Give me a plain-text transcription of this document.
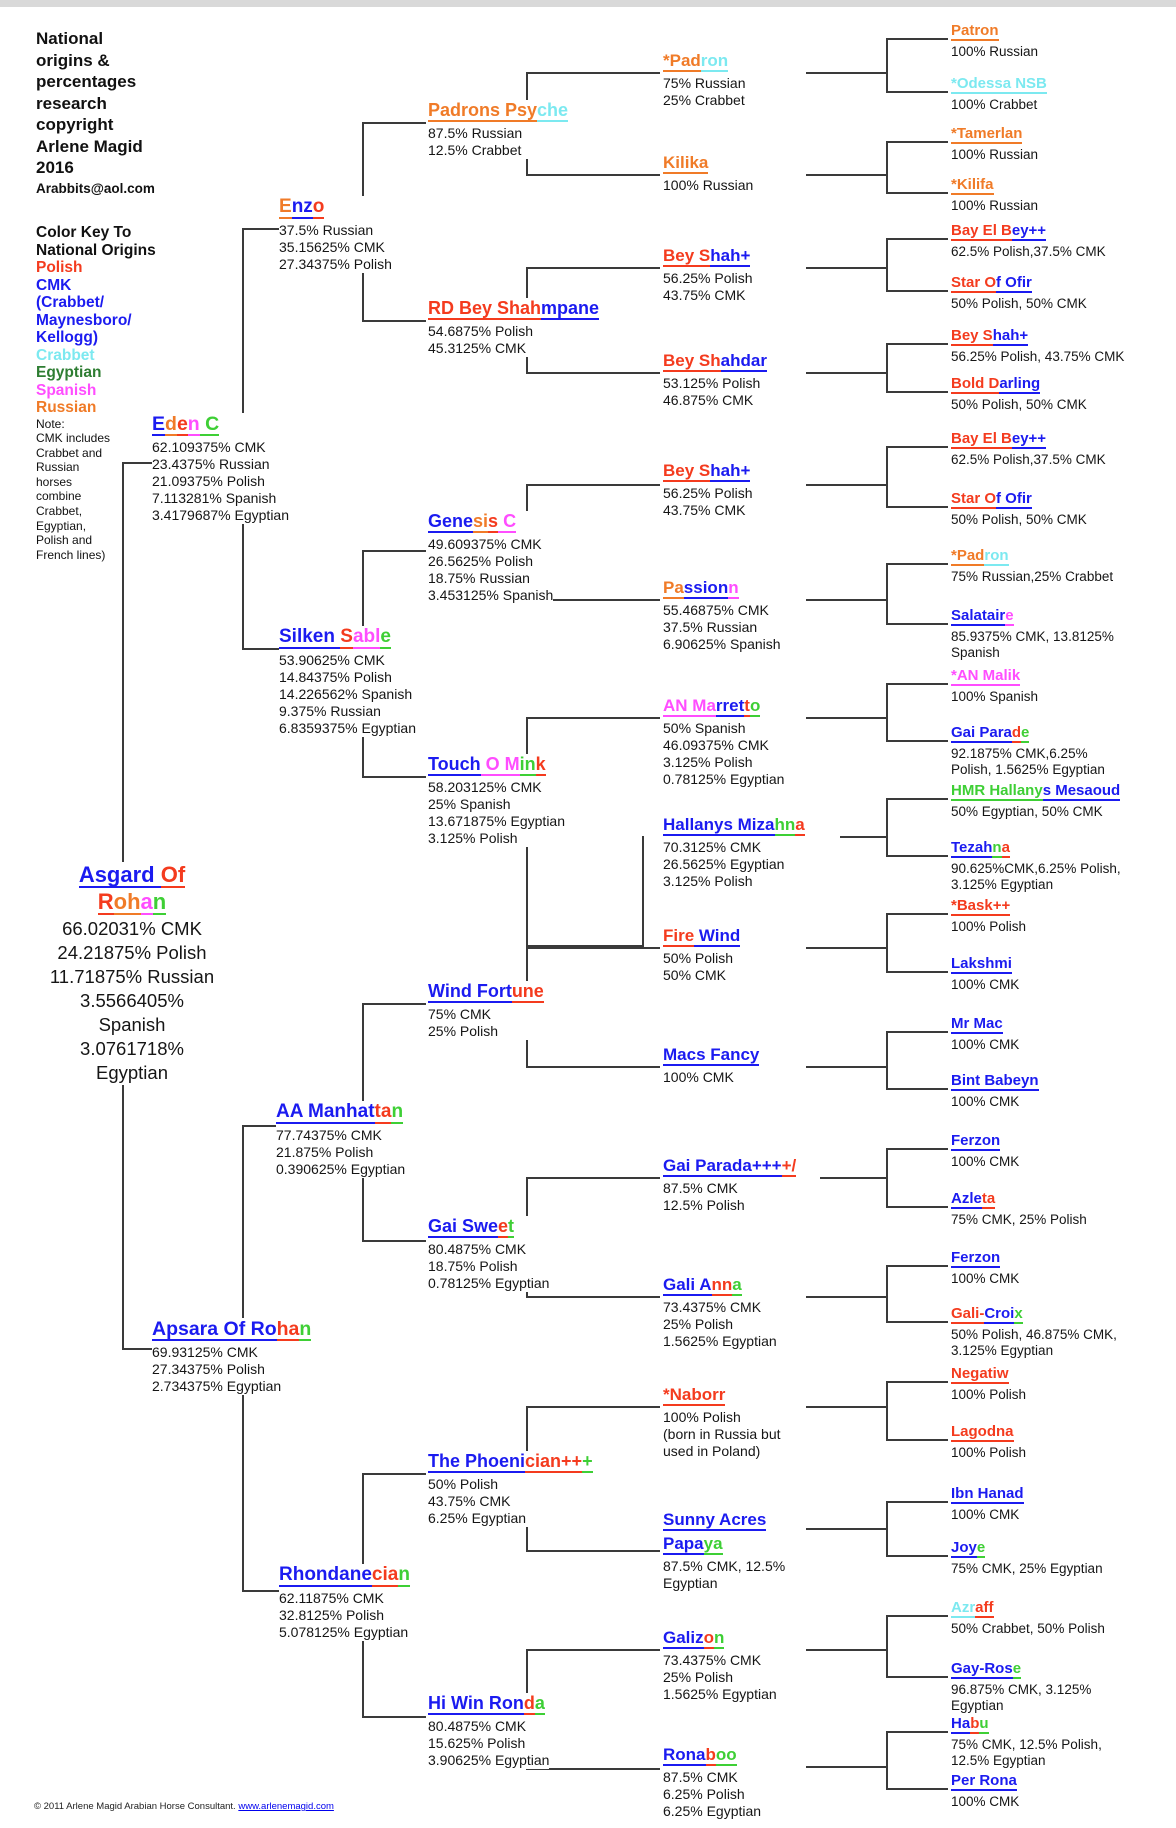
National
origins &
percentages
research
copyright
Arlene Magid
2016
Arabbits@aol.com
Color Key To
National Origins
Polish
CMK
(Crabbet/
Maynesboro/
Kellogg)
Crabbet
Egyptian
Spanish
Russian
Note:
CMK includes
Crabbet and
Russian
horses
combine
Crabbet,
Egyptian,
Polish and
French lines)
Asgard Of
Rohan
66.02031% CMK
24.21875% Polish
11.71875% Russian
3.5566405%
Spanish
3.0761718%
Egyptian
Eden C
62.109375% CMK
23.4375% Russian
21.09375% Polish
7.113281% Spanish
3.4179687% Egyptian
Apsara Of Rohan
69.93125% CMK
27.34375% Polish
2.734375% Egyptian
Enzo
37.5% Russian
35.15625% CMK
27.34375% Polish
Silken Sable
53.90625% CMK
14.84375% Polish
14.226562% Spanish
9.375% Russian
6.8359375% Egyptian
AA Manhattan
77.74375% CMK
21.875% Polish
0.390625% Egyptian
Rhondanecian
62.11875% CMK
32.8125% Polish
5.078125% Egyptian
Padrons Psyche
87.5% Russian
12.5% Crabbet
RD Bey Shahmpane
54.6875% Polish
45.3125% CMK
Genesis C
49.609375% CMK
26.5625% Polish
18.75% Russian
3.453125% Spanish
Touch O Mink
58.203125% CMK
25% Spanish
13.671875% Egyptian
3.125% Polish
Wind Fortune
75% CMK
25% Polish
Gai Sweet
80.4875% CMK
18.75% Polish
0.78125% Egyptian
The Phoenician+++
50% Polish
43.75% CMK
6.25% Egyptian
Hi Win Ronda
80.4875% CMK
15.625% Polish
3.90625% Egyptian
*Padron
75% Russian
25% Crabbet
Kilika
100% Russian
Bey Shah+
56.25% Polish
43.75% CMK
Bey Shahdar
53.125% Polish
46.875% CMK
Bey Shah+
56.25% Polish
43.75% CMK
Passionn
55.46875% CMK
37.5% Russian
6.90625% Spanish
AN Marretto
50% Spanish
46.09375% CMK
3.125% Polish
0.78125% Egyptian
Hallanys Mizahna
70.3125% CMK
26.5625% Egyptian
3.125% Polish
Fire Wind
50% Polish
50% CMK
Macs Fancy
100% CMK
Gai Parada++++/
87.5% CMK
12.5% Polish
Gali Anna
73.4375% CMK
25% Polish
1.5625% Egyptian
*Naborr
100% Polish
(born in Russia but
used in Poland)
Sunny Acres
Papaya
87.5% CMK, 12.5%
Egyptian
Galizon
73.4375% CMK
25% Polish
1.5625% Egyptian
Ronaboo
87.5% CMK
6.25% Polish
6.25% Egyptian
Patron
100% Russian
*Odessa NSB
100% Crabbet
*Tamerlan
100% Russian
*Kilifa
100% Russian
Bay El Bey++
62.5% Polish,37.5% CMK
Star Of Ofir
50% Polish, 50% CMK
Bey Shah+
56.25% Polish, 43.75% CMK
Bold Darling
50% Polish, 50% CMK
Bay El Bey++
62.5% Polish,37.5% CMK
Star Of Ofir
50% Polish, 50% CMK
*Padron
75% Russian,25% Crabbet
Salataire
85.9375% CMK, 13.8125%
Spanish
*AN Malik
100% Spanish
Gai Parade
92.1875% CMK,6.25%
Polish, 1.5625% Egyptian
HMR Hallanys Mesaoud
50% Egyptian, 50% CMK
Tezahna
90.625%CMK,6.25% Polish,
3.125% Egyptian
*Bask++
100% Polish
Lakshmi
100% CMK
Mr Mac
100% CMK
Bint Babeyn
100% CMK
Ferzon
100% CMK
Azleta
75% CMK, 25% Polish
Ferzon
100% CMK
Gali-Croix
50% Polish, 46.875% CMK,
3.125% Egyptian
Negatiw
100% Polish
Lagodna
100% Polish
Ibn Hanad
100% CMK
Joye
75% CMK, 25% Egyptian
Azraff
50% Crabbet, 50% Polish
Gay-Rose
96.875% CMK, 3.125%
Egyptian
Habu
75% CMK, 12.5% Polish,
12.5% Egyptian
Per Rona
100% CMK
© 2011 Arlene Magid Arabian Horse Consultant. www.arlenemagid.com
